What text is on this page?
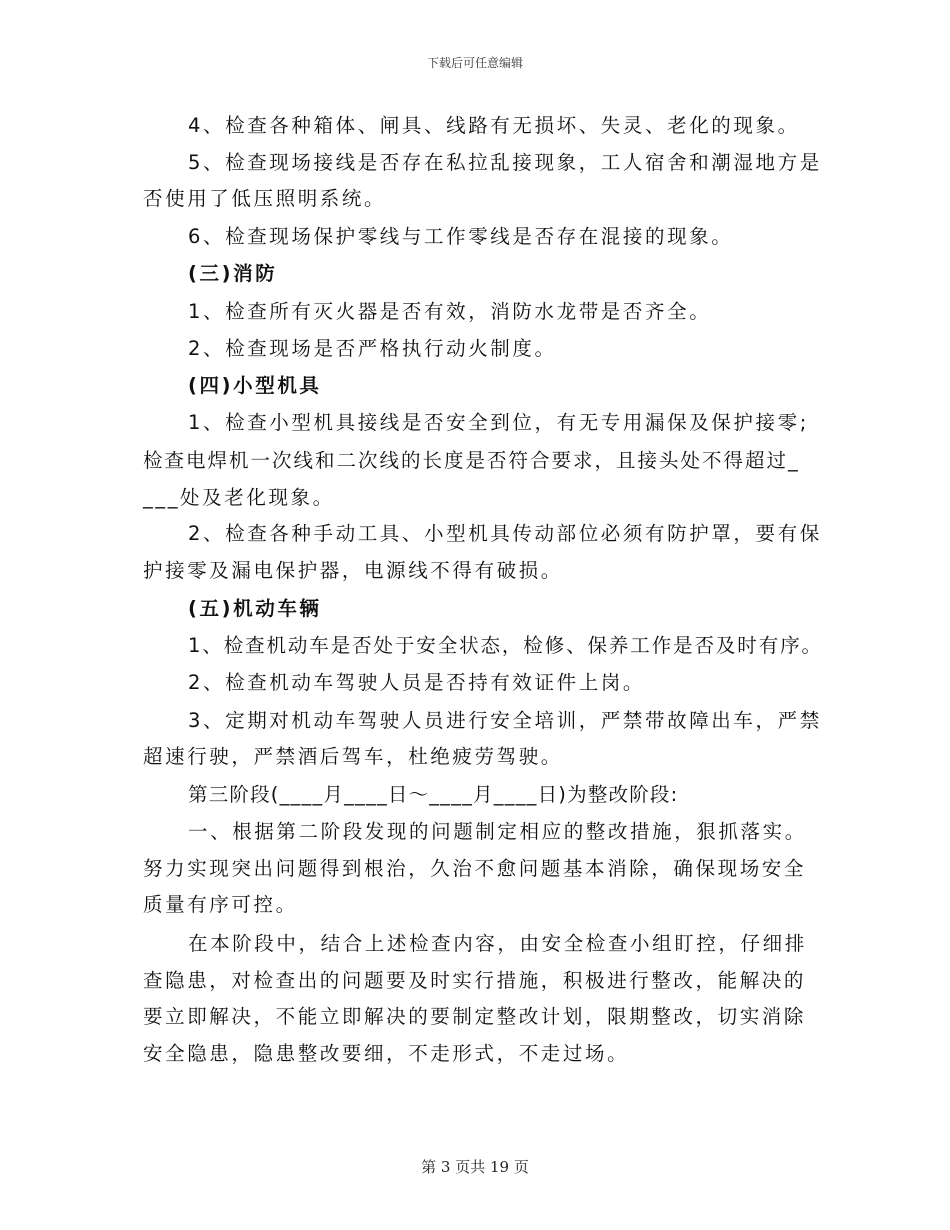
下载后可任意编辑
4、检查各种箱体、闸具、线路有无损坏、失灵、老化的现象。
5、检查现场接线是否存在私拉乱接现象，工人宿舍和潮湿地方是
否使用了低压照明系统。
6、检查现场保护零线与工作零线是否存在混接的现象。
(三)消防
1、检查所有灭火器是否有效，消防水龙带是否齐全。
2、检查现场是否严格执行动火制度。
(四)小型机具
1、检查小型机具接线是否安全到位，有无专用漏保及保护接零;
检查电焊机一次线和二次线的长度是否符合要求，且接头处不得超过_
___处及老化现象。
2、检查各种手动工具、小型机具传动部位必须有防护罩，要有保
护接零及漏电保护器，电源线不得有破损。
(五)机动车辆
1、检查机动车是否处于安全状态，检修、保养工作是否及时有序。
2、检查机动车驾驶人员是否持有效证件上岗。
3、定期对机动车驾驶人员进行安全培训，严禁带故障出车，严禁
超速行驶，严禁酒后驾车，杜绝疲劳驾驶。
第三阶段(____月____日～____月____日)为整改阶段:
一、根据第二阶段发现的问题制定相应的整改措施，狠抓落实。
努力实现突出问题得到根治，久治不愈问题基本消除，确保现场安全
质量有序可控。
在本阶段中，结合上述检查内容，由安全检查小组盯控，仔细排
查隐患，对检查出的问题要及时实行措施，积极进行整改，能解决的
要立即解决，不能立即解决的要制定整改计划，限期整改，切实消除
安全隐患，隐患整改要细，不走形式，不走过场。
第 3 页共 19 页
